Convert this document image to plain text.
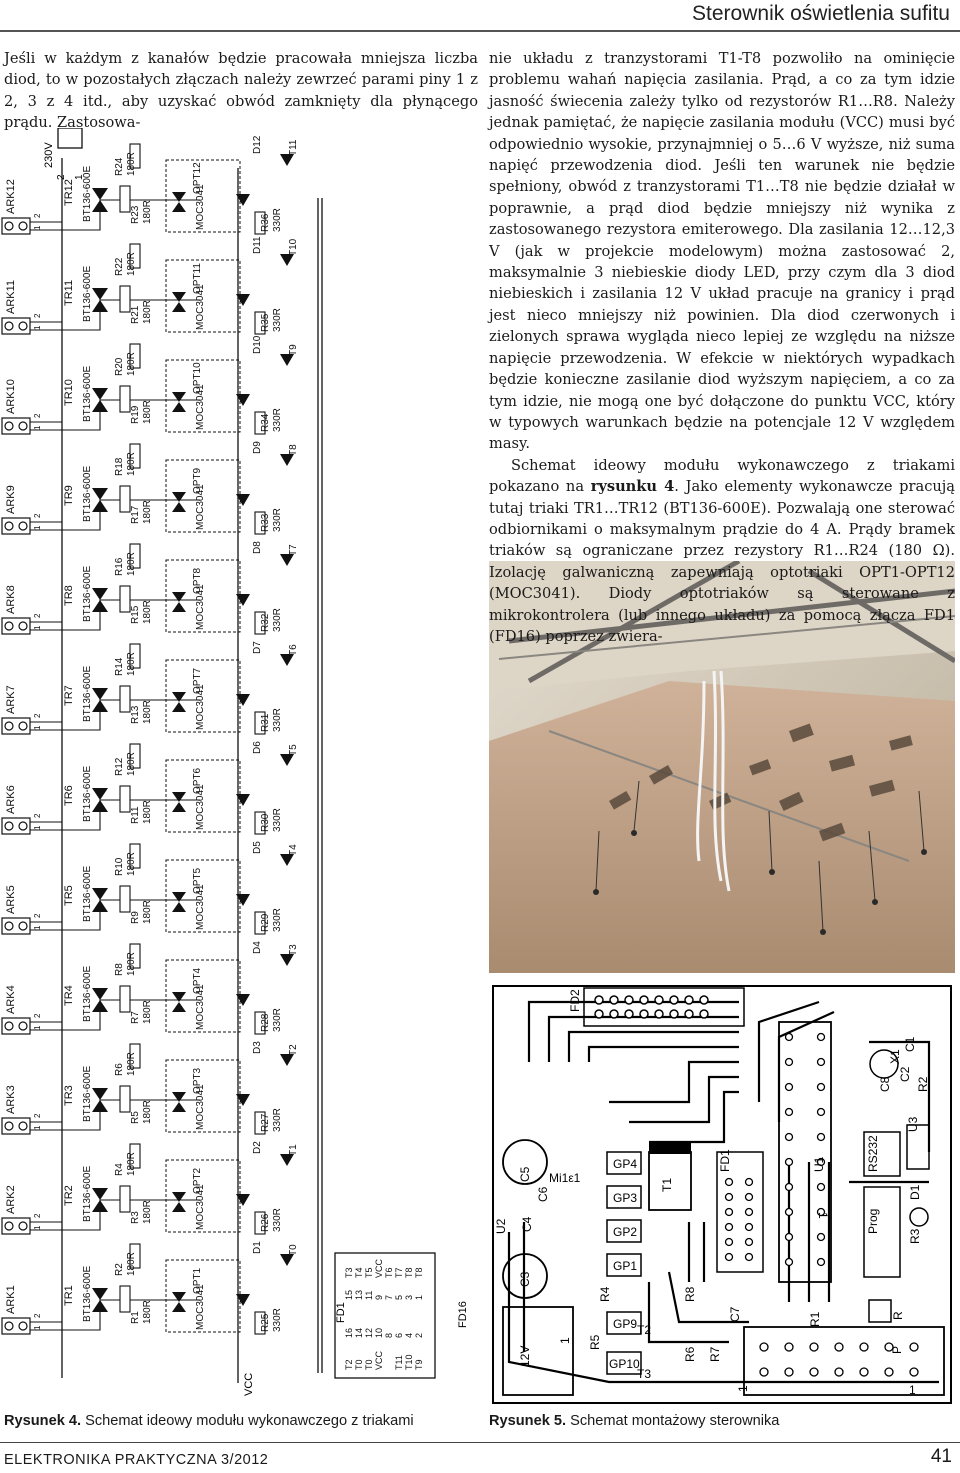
Sterownik oświetlenia sufitu
Jeśli w każdym z kanałów będzie pracowała mniejsza liczba diod, to w pozostałych złączach należy zewrzeć parami piny 1 z 2, 3 z 4 itd., aby uzyskać obwód zamknięty dla płynącego prądu. Zastosowa-
ARK12
1
2
TR12 BT136-600E	R23 180R
R24 180R	OPT12
MOC3041	R36 330R
D12	T11
ARK11
1
2
TR11 BT136-600E	R21 180R
R22 180R	OPT11
MOC3041	R35 330R
D11	T10
ARK10
1
2
TR10 BT136-600E	R19 180R
R20 180R	OPT10
MOC3041	R34 330R
D10	T9
ARK9
1
2
TR9 BT136-600E	R17 180R
R18 180R
OPT9
MOC3041	R33 330R
D9	T8
ARK8
1
2
TR8 BT136-600E	R15 180R
R16 180R
OPT8
MOC3041	R32 330R
D8	T7
ARK7
1
2
TR7 BT136-600E	R13 180R
R14 180R
OPT7
MOC3041	R31 330R
D7	T6
ARK6
1
2
TR6 BT136-600E	R11 180R
R12 180R
OPT6
MOC3041	R30 330R
D6	T5
ARK5
1
2
TR5 BT136-600E	R9 180R
R10 180R
OPT5
MOC3041	R29 330R
D5	T4
ARK4
1
2
TR4 BT136-600E	R7 180R
R8 180R
OPT4
MOC3041	R28 330R
D4	T3
ARK3
1
2
TR3 BT136-600E	R5 180R
R6 180R
OPT3
MOC3041	R27 330R
D3	T2
ARK2
1
2
TR2 BT136-600E	R3 180R
R4 180R
OPT2
MOC3041	R26 330R
D2	T1
ARK1
1
2
TR1 BT136-600E	R1 180R
R2 180R
OPT1
MOC3041	R25 330R
D1	T0
T2
16
15
T3
T0
14
13
T4
T0
12
11
T5
VCC
10
9
VCC
8
7
T6
T11
6
5
T7
T10
4
3
T8
T9
2
1
T8
VCC
FD1	FD16
230V
2 1
FD2
C1
X1
C2
C8
U3
RS232
Prog
D1
R2
R3
U2
C5
C6
C4
C3
GP4
GP3
GP2
GP1
GP9
GP10
FD1
T1
T2
T3
R4
R5
R6 R7
R8
C7	R1	R
P
U1
12V
1
1	1
1
Mi1ε1
Rysunek 4. Schemat ideowy modułu wykonawczego z triakami	Rysunek 5. Schemat montażowy sterownika

nie układu z tranzystorami T1-T8 pozwoliło na ominięcie problemu wahań napięcia zasilania. Prąd, a co za tym idzie jasność świecenia zależy tylko od rezystorów R1…R8. Należy jednak pamiętać, że napięcie zasilania modułu (VCC) musi być odpowiednio wysokie, przynajmniej o 5…6 V wyższe, niż suma napięć przewodzenia diod. Jeśli ten warunek nie będzie spełniony, obwód z tranzystorami T1…T8 nie będzie działał w poprawnie, a prąd diod będzie mniejszy niż wynika z zastosowanego rezystora emiterowego. Dla zasilania 12…12,3 V (jak w projekcie modelowym) można zastosować 2, maksymalnie 3 niebieskie diody LED, przy czym dla 3 diod niebieskich i zasilania 12 V układ pracuje na granicy i prąd jest nieco mniejszy niż powinien. Dla diod czerwonych i zielonych sprawa wygląda nieco lepiej ze względu na niższe napięcie przewodzenia. W efekcie w niektórych wypadkach będzie konieczne zasilanie diod wyższym napięciem, a co za tym idzie, nie mogą one być dołączone do punktu VCC, który w typowych warunkach będzie na potencjale 12 V względem masy.

Schemat ideowy modułu wykonawczego z triakami pokazano na rysunku 4. Jako elementy wykonawcze pracują tutaj triaki TR1…TR12 (BT136-600E). Pozwalają one sterować odbiornikami o maksymalnym prądzie do 4 A. Prądy bramek triaków są ograniczane przez rezystory R1…R24 (180 Ω). Izolację galwaniczną zapewniają optotriaki OPT1-OPT12 (MOC3041). Diody optotriaków są sterowane z mikrokontrolera (lub innego układu) za pomocą złącza FD1 (FD16) poprzez zwiera-

ELEKTRONIKA PRAKTYCZNA 3/2012	41
